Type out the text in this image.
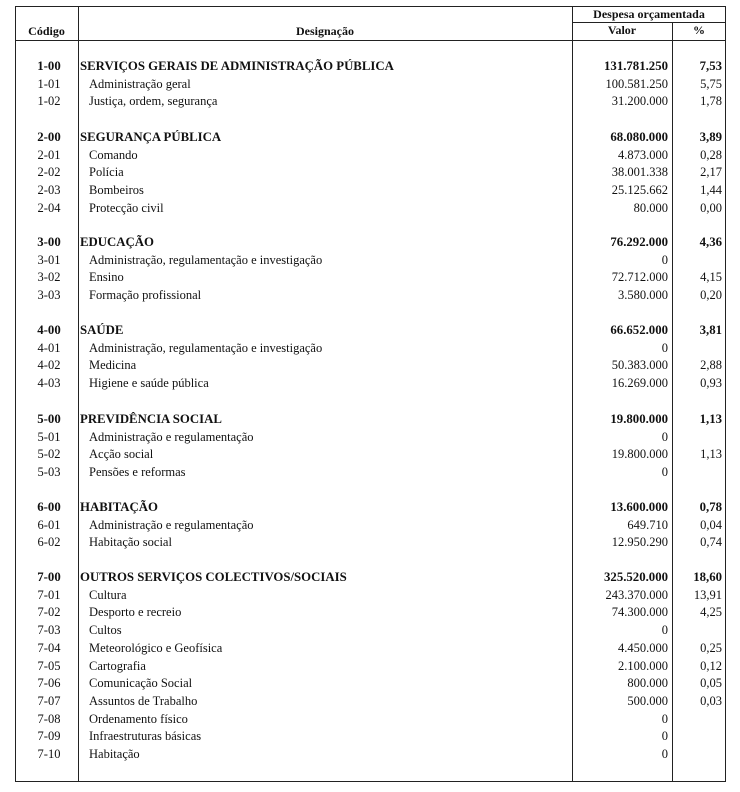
Código	Designação
Despesa orçamentada
Valor	%
1-00	SERVIÇOS GERAIS DE ADMINISTRAÇÃO PÚBLICA	131.781.250	7,53
1-01	Administração geral	100.581.250	5,75
1-02	Justiça, ordem, segurança	31.200.000	1,78
2-00	SEGURANÇA PÚBLICA	68.080.000	3,89
2-01	Comando	4.873.000	0,28
2-02	Polícia	38.001.338	2,17
2-03	Bombeiros	25.125.662	1,44
2-04	Protecção civil	80.000	0,00
3-00	EDUCAÇÃO	76.292.000	4,36
3-01	Administração, regulamentação e investigação	0
3-02	Ensino	72.712.000	4,15
3-03	Formação profissional	3.580.000	0,20
4-00	SAÚDE	66.652.000	3,81
4-01	Administração, regulamentação e investigação	0
4-02	Medicina	50.383.000	2,88
4-03	Higiene e saúde pública	16.269.000	0,93
5-00	PREVIDÊNCIA SOCIAL	19.800.000	1,13
5-01	Administração e regulamentação	0
5-02	Acção social	19.800.000	1,13
5-03	Pensões e reformas	0
6-00	HABITAÇÃO	13.600.000	0,78
6-01	Administração e regulamentação	649.710	0,04
6-02	Habitação social	12.950.290	0,74
7-00	OUTROS SERVIÇOS COLECTIVOS/SOCIAIS	325.520.000	18,60
7-01	Cultura	243.370.000	13,91
7-02	Desporto e recreio	74.300.000	4,25
7-03	Cultos	0
7-04	Meteorológico e Geofísica	4.450.000	0,25
7-05	Cartografia	2.100.000	0,12
7-06	Comunicação Social	800.000	0,05
7-07	Assuntos de Trabalho	500.000	0,03
7-08	Ordenamento físico	0
7-09	Infraestruturas básicas	0
7-10	Habitação	0
